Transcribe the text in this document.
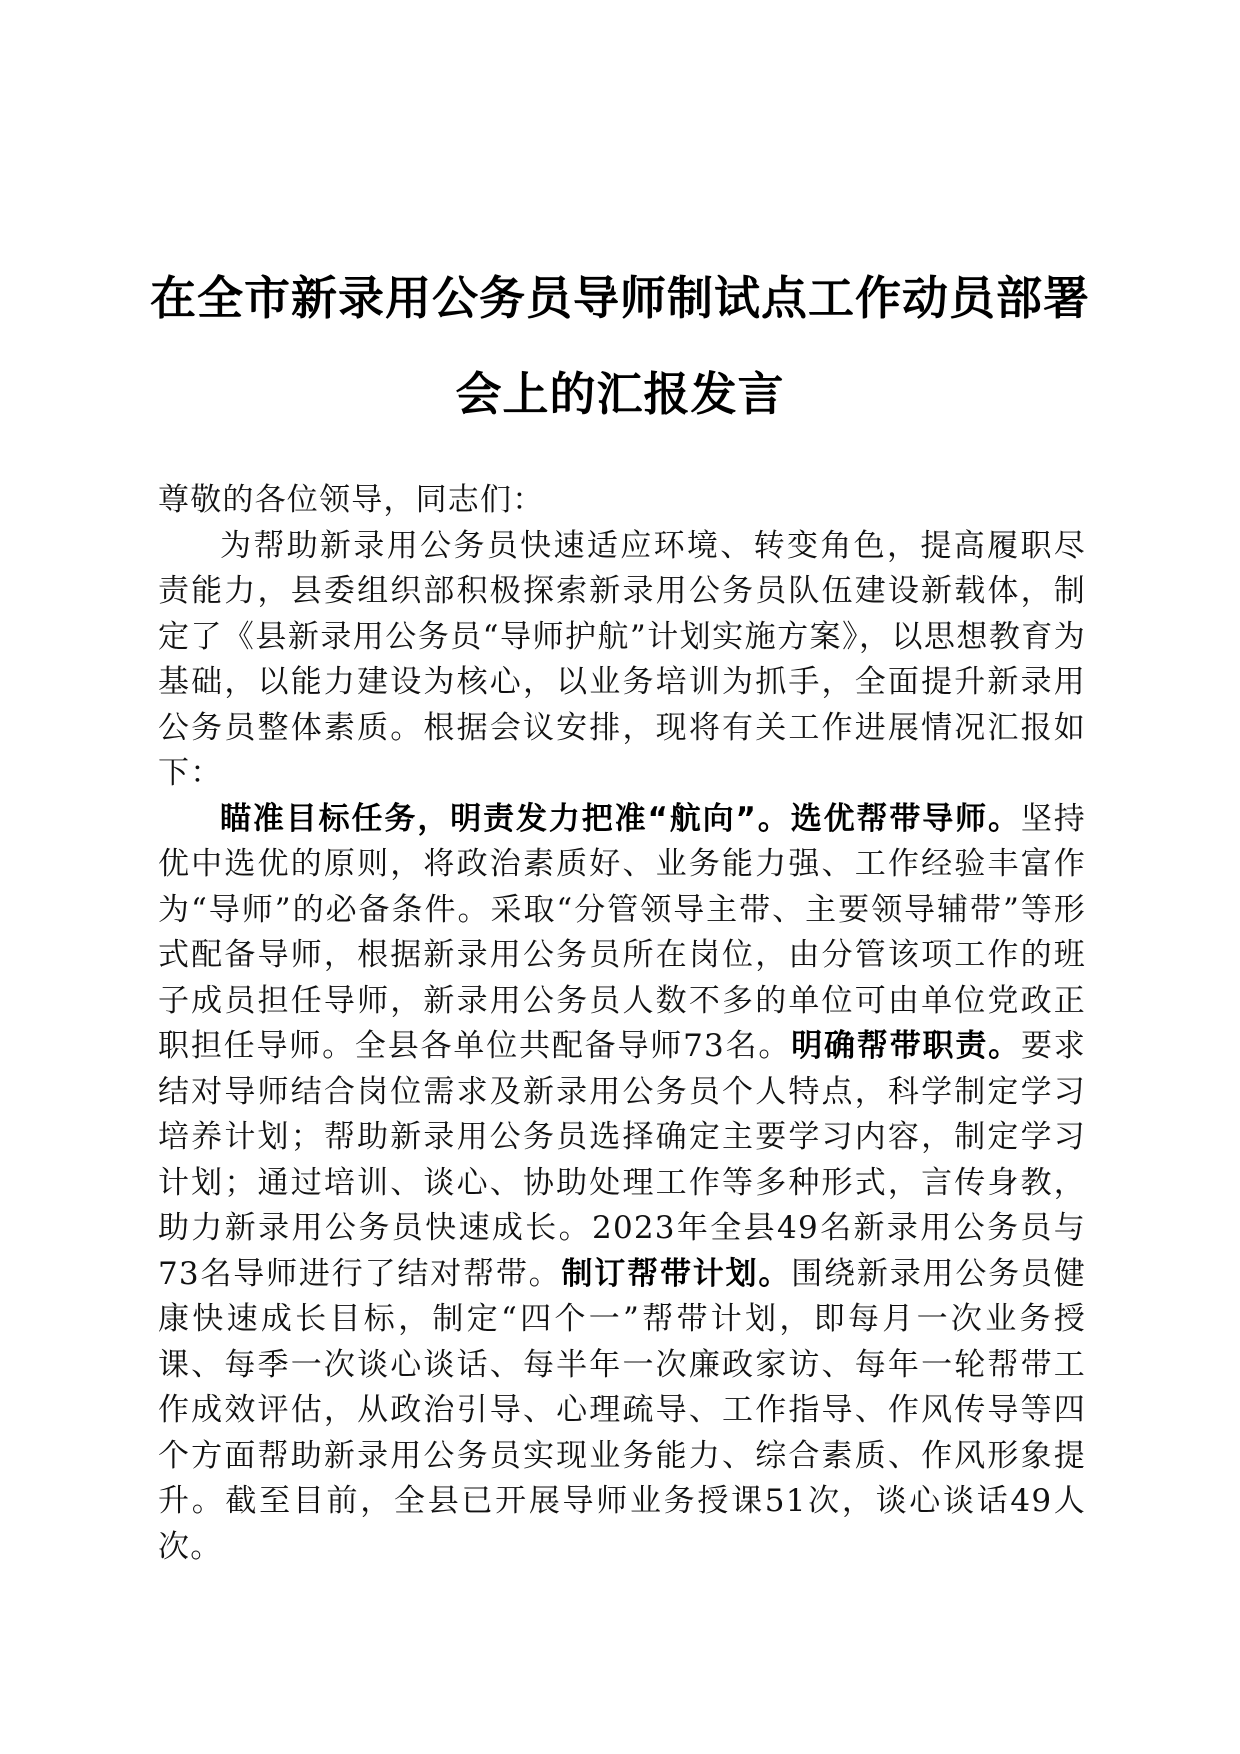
在全市新录用公务员导师制试点工作动员部署
会上的汇报发言

尊敬的各位领导，同志们：

为帮助新录用公务员快速适应环境、转变角色，提高履职尽责能力，县委组织部积极探索新录用公务员队伍建设新载体，制定了《县新录用公务员“导师护航”计划实施方案》，以思想教育为基础，以能力建设为核心，以业务培训为抓手，全面提升新录用公务员整体素质。根据会议安排，现将有关工作进展情况汇报如下：

瞄准目标任务，明责发力把准“航向”。选优帮带导师。坚持优中选优的原则，将政治素质好、业务能力强、工作经验丰富作为“导师”的必备条件。采取“分管领导主带、主要领导辅带”等形式配备导师，根据新录用公务员所在岗位，由分管该项工作的班子成员担任导师，新录用公务员人数不多的单位可由单位党政正职担任导师。全县各单位共配备导师73名。明确帮带职责。要求结对导师结合岗位需求及新录用公务员个人特点，科学制定学习培养计划；帮助新录用公务员选择确定主要学习内容，制定学习计划；通过培训、谈心、协助处理工作等多种形式，言传身教，助力新录用公务员快速成长。2023年全县49名新录用公务员与73名导师进行了结对帮带。制订帮带计划。围绕新录用公务员健康快速成长目标，制定“四个一”帮带计划，即每月一次业务授课、每季一次谈心谈话、每半年一次廉政家访、每年一轮帮带工作成效评估，从政治引导、心理疏导、工作指导、作风传导等四个方面帮助新录用公务员实现业务能力、综合素质、作风形象提升。截至目前，全县已开展导师业务授课51次，谈心谈话49人次。
